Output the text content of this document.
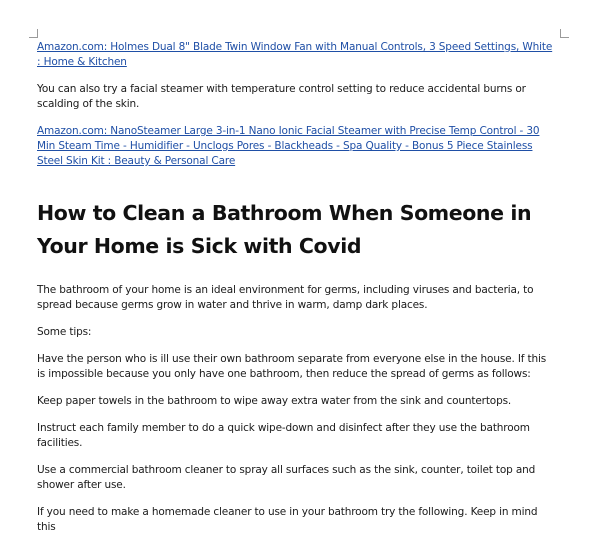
Amazon.com: Holmes Dual 8" Blade Twin Window Fan with Manual Controls, 3 Speed Settings, White : Home & Kitchen

You can also try a facial steamer with temperature control setting to reduce accidental burns or scalding of the skin.

Amazon.com: NanoSteamer Large 3-in-1 Nano Ionic Facial Steamer with Precise Temp Control - 30 Min Steam Time - Humidifier - Unclogs Pores - Blackheads - Spa Quality - Bonus 5 Piece Stainless Steel Skin Kit : Beauty & Personal Care
How to Clean a Bathroom When Someone in Your Home is Sick with Covid

The bathroom of your home is an ideal environment for germs, including viruses and bacteria, to spread because germs grow in water and thrive in warm, damp dark places.

Some tips:

Have the person who is ill use their own bathroom separate from everyone else in the house. If this is impossible because you only have one bathroom, then reduce the spread of germs as follows:

Keep paper towels in the bathroom to wipe away extra water from the sink and countertops.

Instruct each family member to do a quick wipe-down and disinfect after they use the bathroom facilities.

Use a commercial bathroom cleaner to spray all surfaces such as the sink, counter, toilet top and shower after use.

If you need to make a homemade cleaner to use in your bathroom try the following. Keep in mind this
